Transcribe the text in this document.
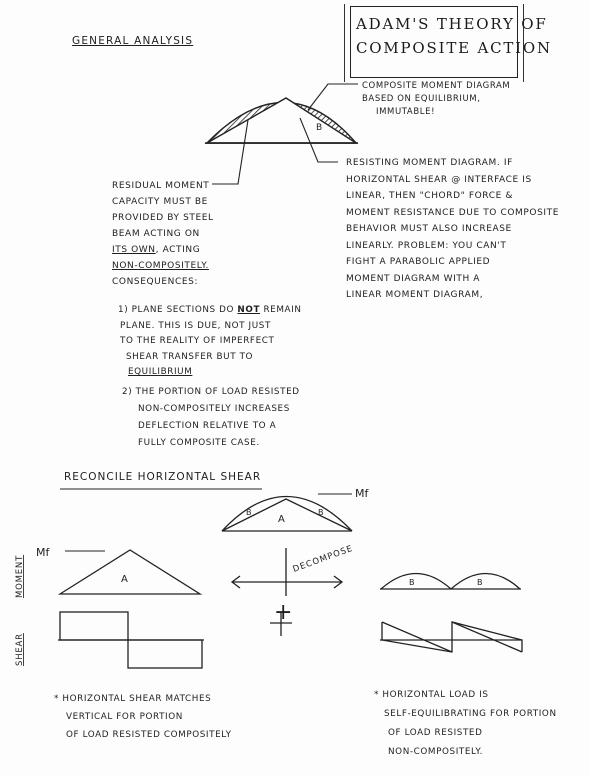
ADAM'S THEORY OF
COMPOSITE ACTION
GENERAL ANALYSIS
B
A
B	B
Mf
Mf
A	B	B
DECOMPOSE
MOMENT
SHEAR
+
COMPOSITE MOMENT DIAGRAM
BASED ON EQUILIBRIUM,
IMMUTABLE!
RESISTING MOMENT DIAGRAM. IF
HORIZONTAL SHEAR @ INTERFACE IS
LINEAR, THEN "CHORD" FORCE &
MOMENT RESISTANCE DUE TO COMPOSITE
BEHAVIOR MUST ALSO INCREASE
LINEARLY. PROBLEM: YOU CAN'T
FIGHT A PARABOLIC APPLIED
MOMENT DIAGRAM WITH A
LINEAR MOMENT DIAGRAM,
RESIDUAL MOMENT
CAPACITY MUST BE
PROVIDED BY STEEL
BEAM ACTING ON
ITS OWN, ACTING
NON-COMPOSITELY.
CONSEQUENCES:
1) PLANE SECTIONS DO NOT REMAIN
PLANE. THIS IS DUE, NOT JUST
TO THE REALITY OF IMPERFECT
SHEAR TRANSFER BUT TO
EQUILIBRIUM
2) THE PORTION OF LOAD RESISTED
NON-COMPOSITELY INCREASES
DEFLECTION RELATIVE TO A
FULLY COMPOSITE CASE.
RECONCILE HORIZONTAL SHEAR
+
* HORIZONTAL SHEAR MATCHES
VERTICAL FOR PORTION
OF LOAD RESISTED COMPOSITELY
* HORIZONTAL LOAD IS
SELF-EQUILIBRATING FOR PORTION
OF LOAD RESISTED
NON-COMPOSITELY.
